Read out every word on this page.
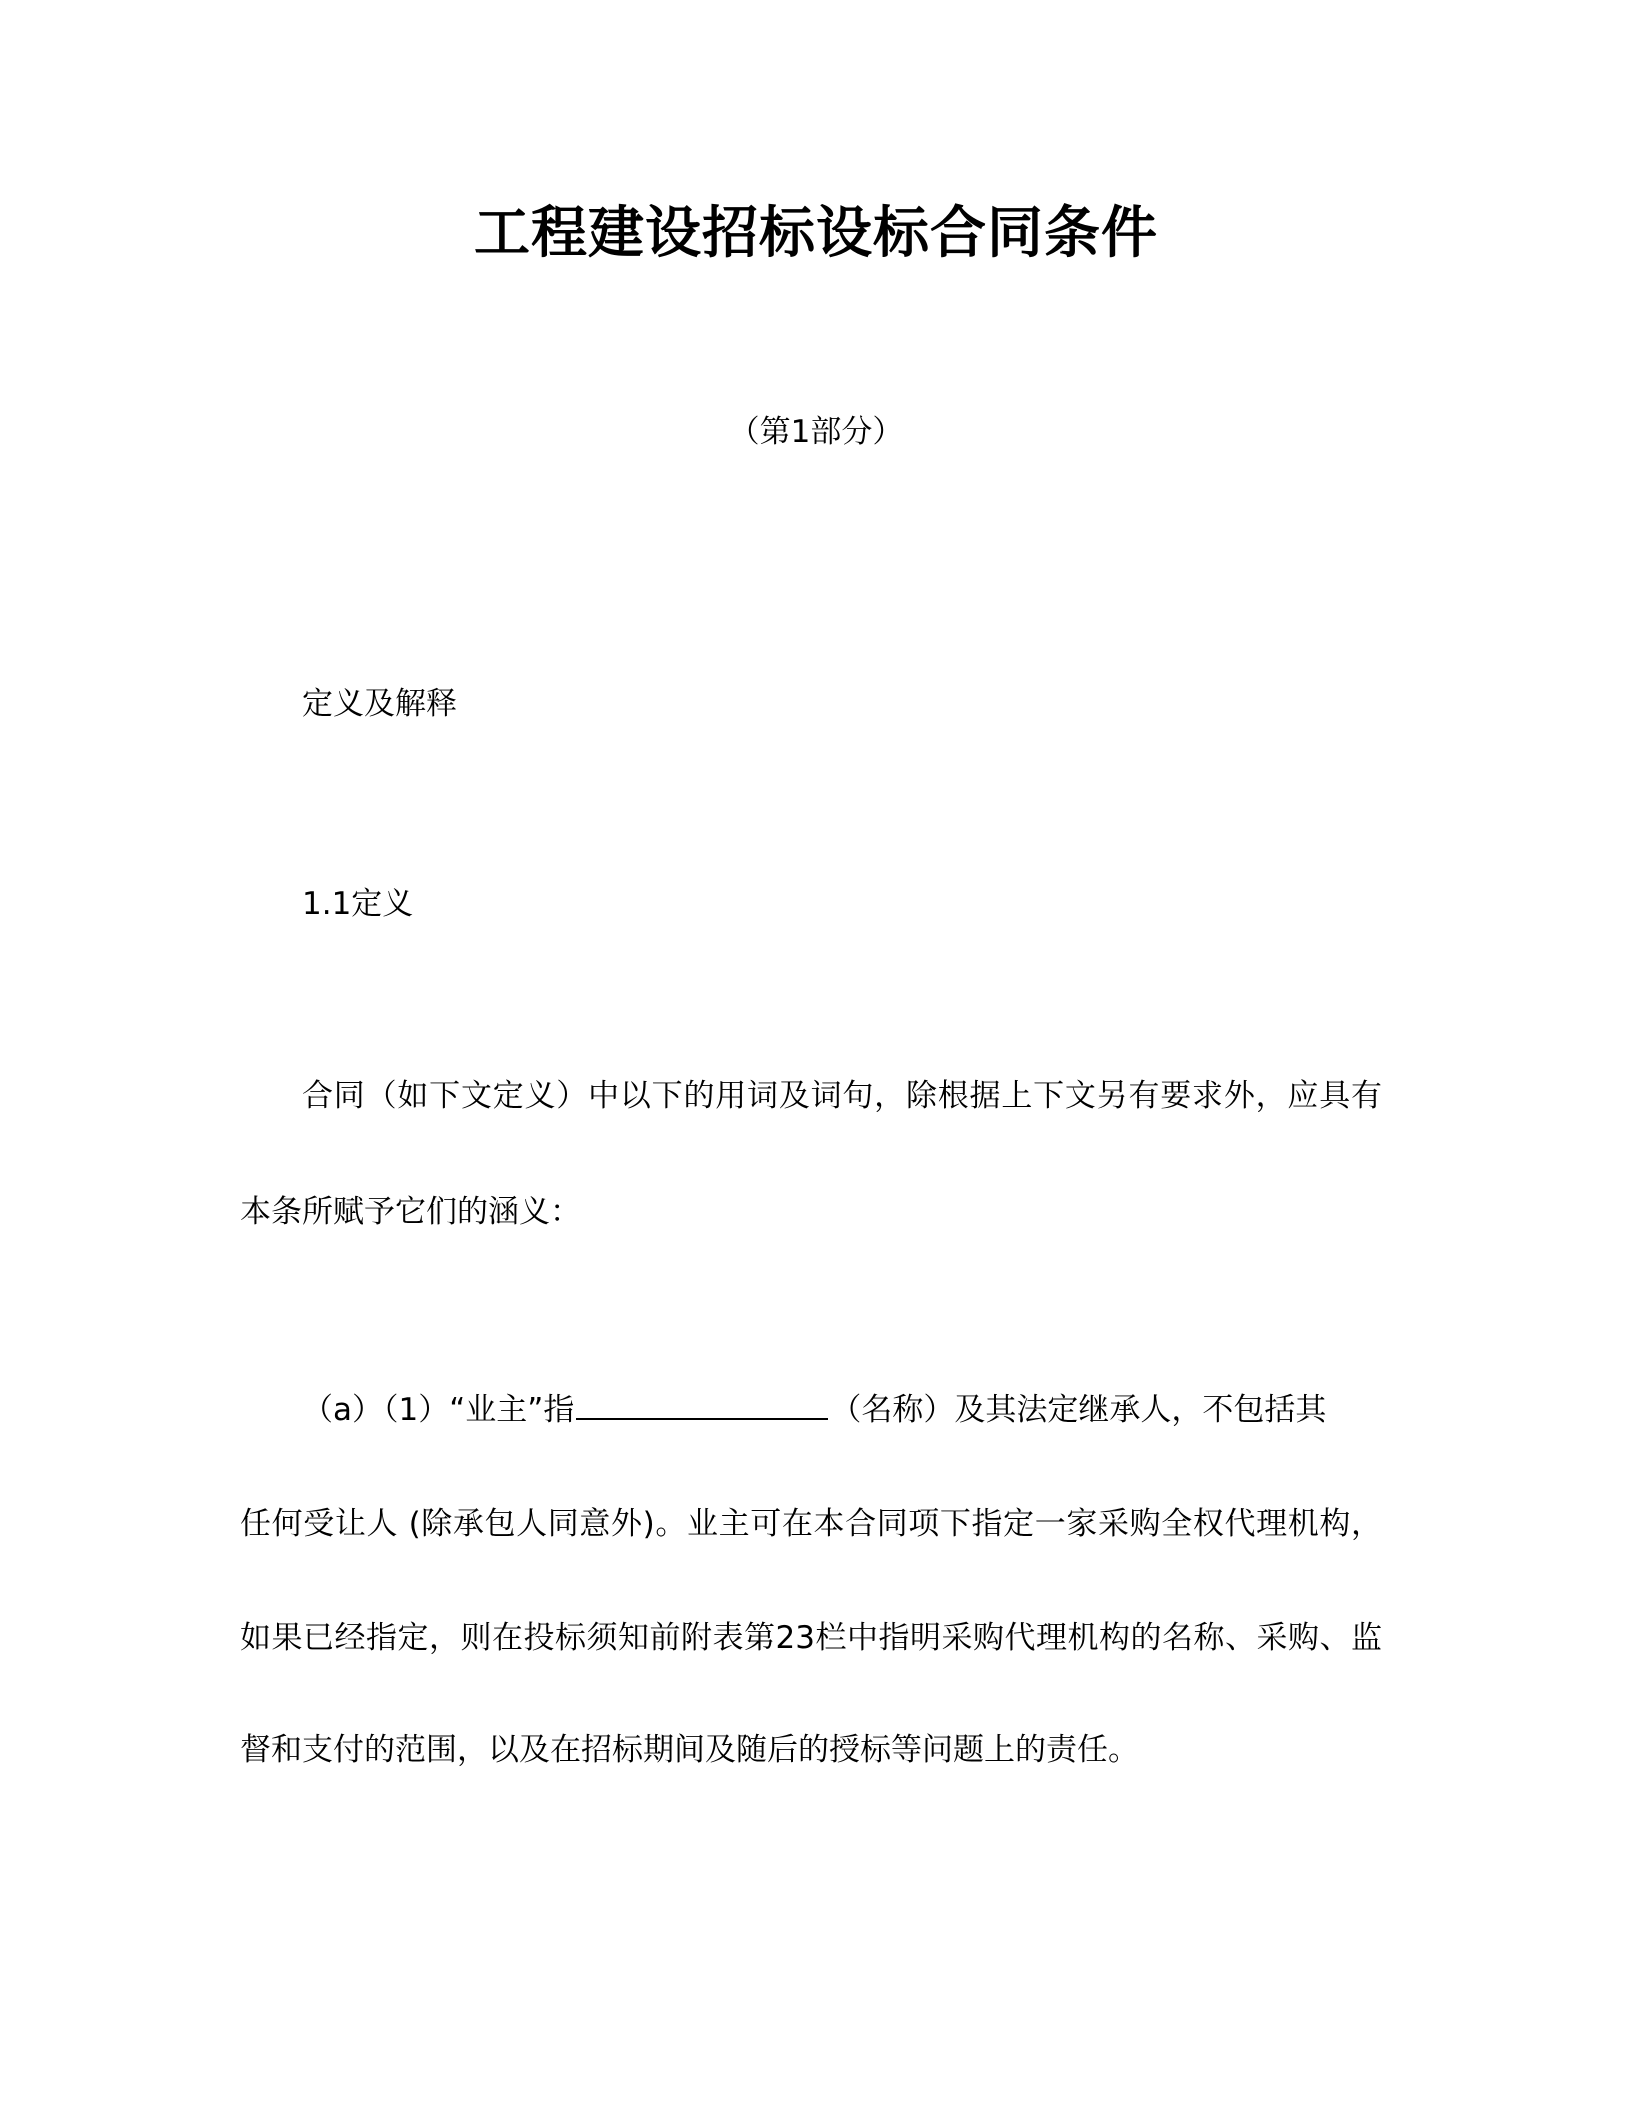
工程建设招标设标合同条件
（第1部分）
定义及解释
1.1定义
合同（如下文定义）中以下的用词及词句，除根据上下文另有要求外，应具有
本条所赋予它们的涵义：
（a）（1）“业主”指	（名称）及其法定继承人，不包括其
任何受让人 (除承包人同意外)。业主可在本合同项下指定一家采购全权代理机构，
如果已经指定，则在投标须知前附表第23栏中指明采购代理机构的名称、采购、监
督和支付的范围，以及在招标期间及随后的授标等问题上的责任。
